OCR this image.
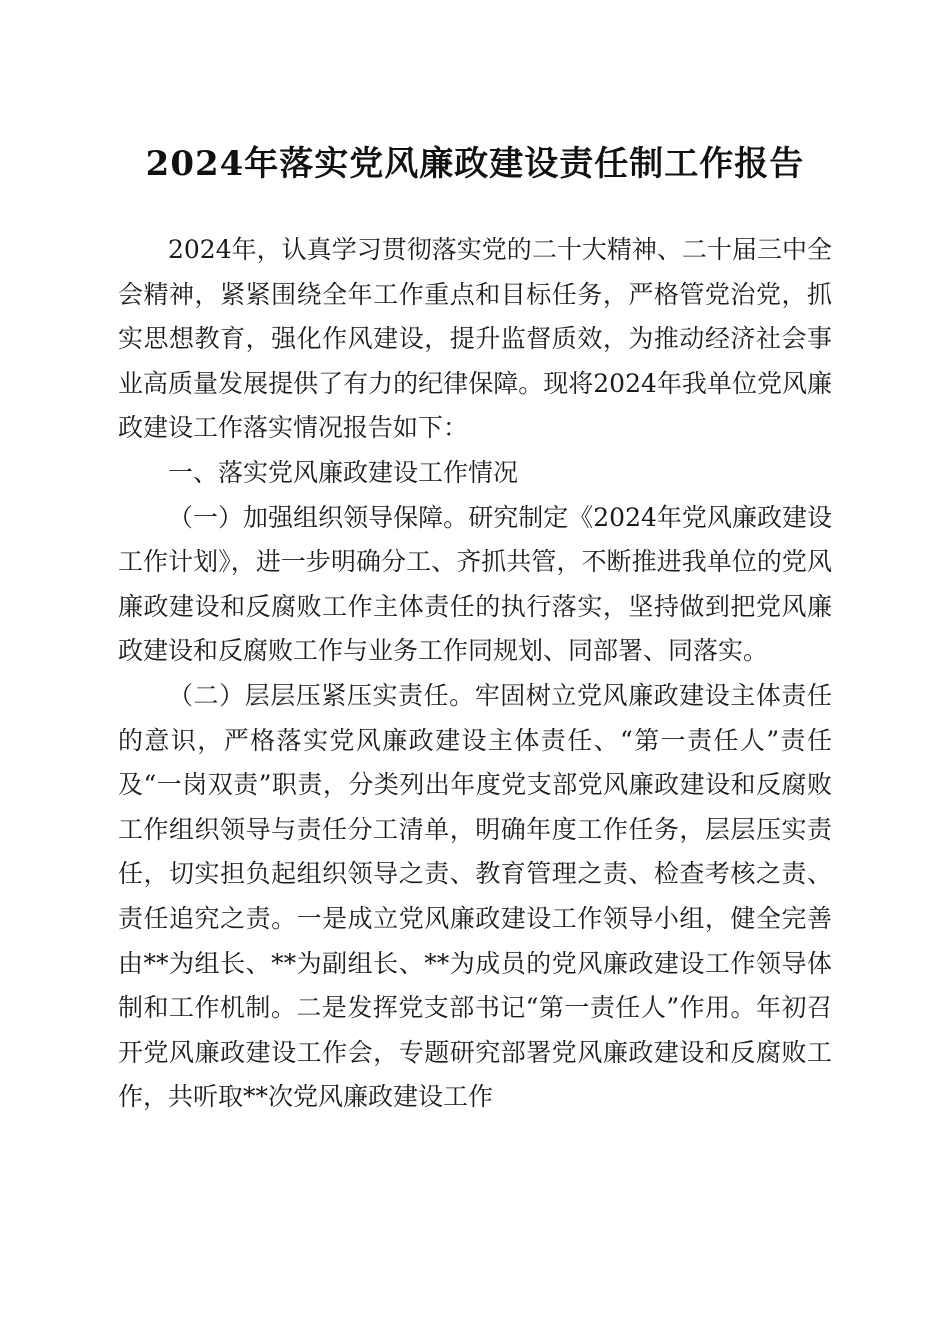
2024年落实党风廉政建设责任制工作报告

2024年，认真学习贯彻落实党的二十大精神、二十届三中全会精神，紧紧围绕全年工作重点和目标任务，严格管党治党，抓实思想教育，强化作风建设，提升监督质效，为推动经济社会事业高质量发展提供了有力的纪律保障。现将2024年我单位党风廉政建设工作落实情况报告如下：

一、落实党风廉政建设工作情况

（一）加强组织领导保障。研究制定《2024年党风廉政建设工作计划》，进一步明确分工、齐抓共管，不断推进我单位的党风廉政建设和反腐败工作主体责任的执行落实，坚持做到把党风廉政建设和反腐败工作与业务工作同规划、同部署、同落实。

（二）层层压紧压实责任。牢固树立党风廉政建设主体责任的意识，严格落实党风廉政建设主体责任、“第一责任人”责任及“一岗双责”职责，分类列出年度党支部党风廉政建设和反腐败工作组织领导与责任分工清单，明确年度工作任务，层层压实责任，切实担负起组织领导之责、教育管理之责、检查考核之责、责任追究之责。一是成立党风廉政建设工作领导小组，健全完善由**为组长、**为副组长、**为成员的党风廉政建设工作领导体制和工作机制。二是发挥党支部书记“第一责任人”作用。年初召开党风廉政建设工作会，专题研究部署党风廉政建设和反腐败工作，共听取**次党风廉政建设工作
